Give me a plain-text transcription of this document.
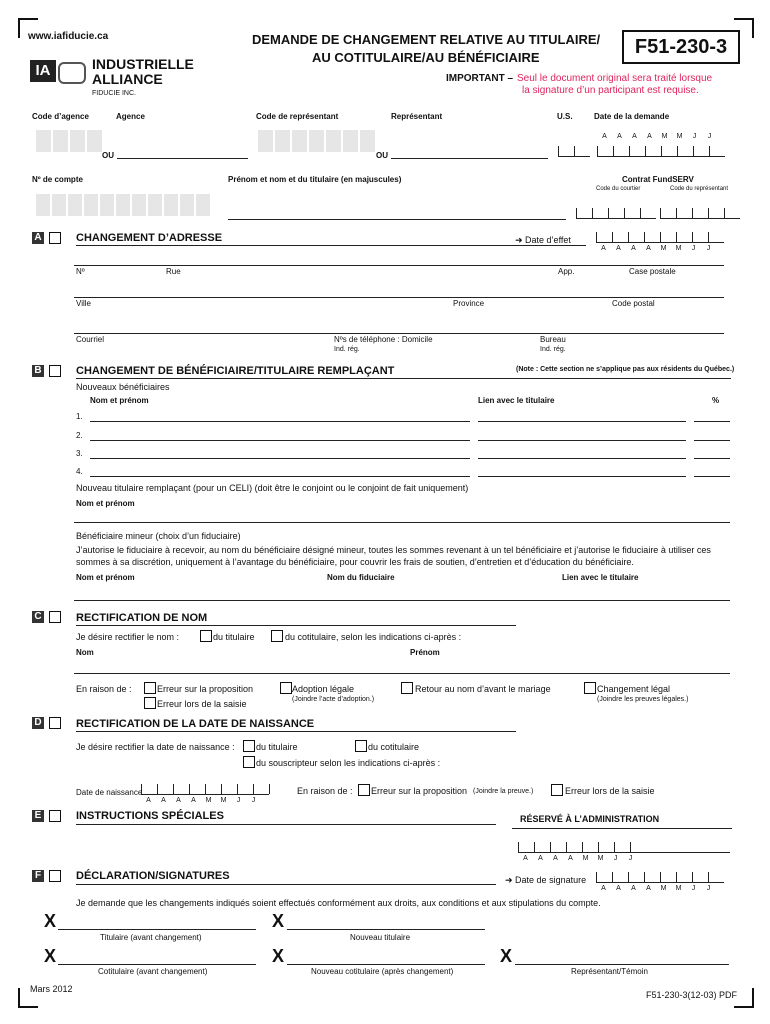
www.iafiducie.ca
IA	INDUSTRIELLE
ALLIANCE
FIDUCIE INC.
DEMANDE DE CHANGEMENT RELATIVE AU TITULAIRE/
AU COTITULAIRE/AU BÉNÉFICIAIRE	F51-230-3
IMPORTANT – Seul le document original sera traité lorsque
la signature d’un participant est requise.
Code d’agence	Agence	Code de représentant	Représentant	U.S.	Date de la demande
OU	OU
A	A	A	A	M	M	J	J
Nº de compte	Prénom et nom et du titulaire (en majuscules)	Contrat FundSERV
Code du courtier	Code du représentant
A	CHANGEMENT D’ADRESSE	➜ Date d’effet
A	A	A	A	M	M	J	J
Nº	Rue	App.	Case postale
Ville	Province	Code postal
Courriel	Nºs de téléphone : Domicile
Ind. rég.
Bureau
Ind. rég.
B	CHANGEMENT DE BÉNÉFICIAIRE/TITULAIRE REMPLAÇANT	(Note : Cette section ne s’applique pas aux résidents du Québec.)
Nouveaux bénéficiaires
Nom et prénom	Lien avec le titulaire	%
1.
2.
3.
4.
Nouveau titulaire remplaçant (pour un CELI) (doit être le conjoint ou le conjoint de fait uniquement)
Nom et prénom
Bénéficiaire mineur (choix d’un fiduciaire)
J’autorise le fiduciaire à recevoir, au nom du bénéficiaire désigné mineur, toutes les sommes revenant à un tel bénéficiaire et j’autorise le fiduciaire à utiliser ces
sommes à sa discrétion, uniquement à l’avantage du bénéficiaire, pour couvrir les frais de soutien, d’entretien et d’éducation du bénéficiaire.
Nom et prénom	Nom du fiduciaire	Lien avec le titulaire
C	RECTIFICATION DE NOM
Je désire rectifier le nom :	du titulaire	du cotitulaire, selon les indications ci-après :
Nom	Prénom
En raison de :	Erreur sur la proposition
Erreur lors de la saisie
Adoption légale
(Joindre l’acte d’adoption.)
Retour au nom d’avant le mariage	Changement légal
(Joindre les preuves légales.)
D	RECTIFICATION DE LA DATE DE NAISSANCE
Je désire rectifier la date de naissance : du titulaire	du cotitulaire
du souscripteur selon les indications ci-après :
Date de naissance
A	A	A	A	M	M	J	J
En raison de : Erreur sur la proposition (Joindre la preuve.)	Erreur lors de la saisie
E	INSTRUCTIONS SPÉCIALES	RÉSERVÉ À L’ADMINISTRATION
A	A	A	A	M	M	J	J
F	DÉCLARATION/SIGNATURES	➜ Date de signature
A	A	A	A	M	M	J	J
Je demande que les changements indiqués soient effectués conformément aux droits, aux conditions et aux stipulations du compte.
X
Titulaire (avant changement)
X
Nouveau titulaire
X
Cotitulaire (avant changement)
X
Nouveau cotitulaire (après changement)
X
Représentant/Témoin
Mars 2012
F51-230-3(12-03) PDF
